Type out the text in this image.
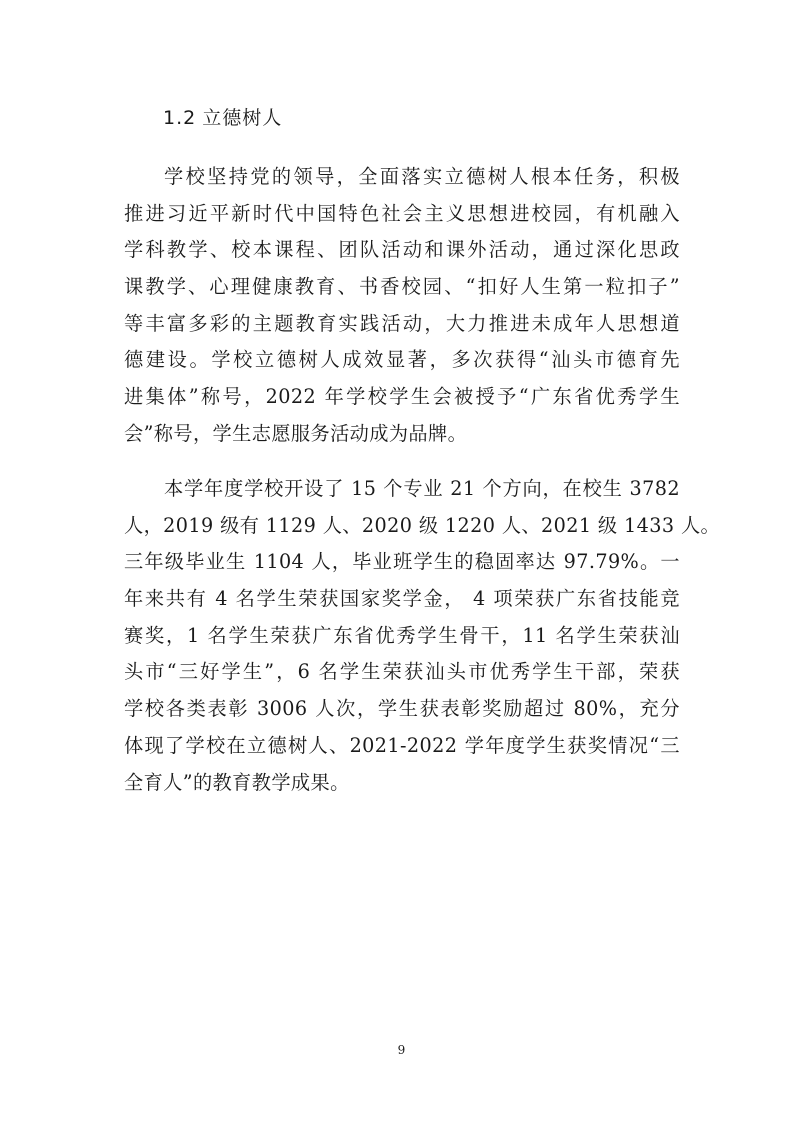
1.2 立德树人
学校坚持党的领导，全面落实立德树人根本任务，积极
推进习近平新时代中国特色社会主义思想进校园，有机融入
学科教学、校本课程、团队活动和课外活动，通过深化思政
课教学、心理健康教育、书香校园、“扣好人生第一粒扣子”
等丰富多彩的主题教育实践活动，大力推进未成年人思想道
德建设。学校立德树人成效显著，多次获得“汕头市德育先
进集体”称号，2022 年学校学生会被授予“广东省优秀学生
会”称号，学生志愿服务活动成为品牌。
本学年度学校开设了 15 个专业 21 个方向，在校生 3782
人，2019 级有 1129 人、2020 级 1220 人、2021 级 1433 人。
三年级毕业生 1104 人，毕业班学生的稳固率达 97.79%。一
年来共有 4 名学生荣获国家奖学金， 4 项荣获广东省技能竞
赛奖，1 名学生荣获广东省优秀学生骨干，11 名学生荣获汕
头市“三好学生”，6 名学生荣获汕头市优秀学生干部，荣获
学校各类表彰 3006 人次，学生获表彰奖励超过 80%，充分
体现了学校在立德树人、2021-2022 学年度学生获奖情况“三
全育人”的教育教学成果。
9
